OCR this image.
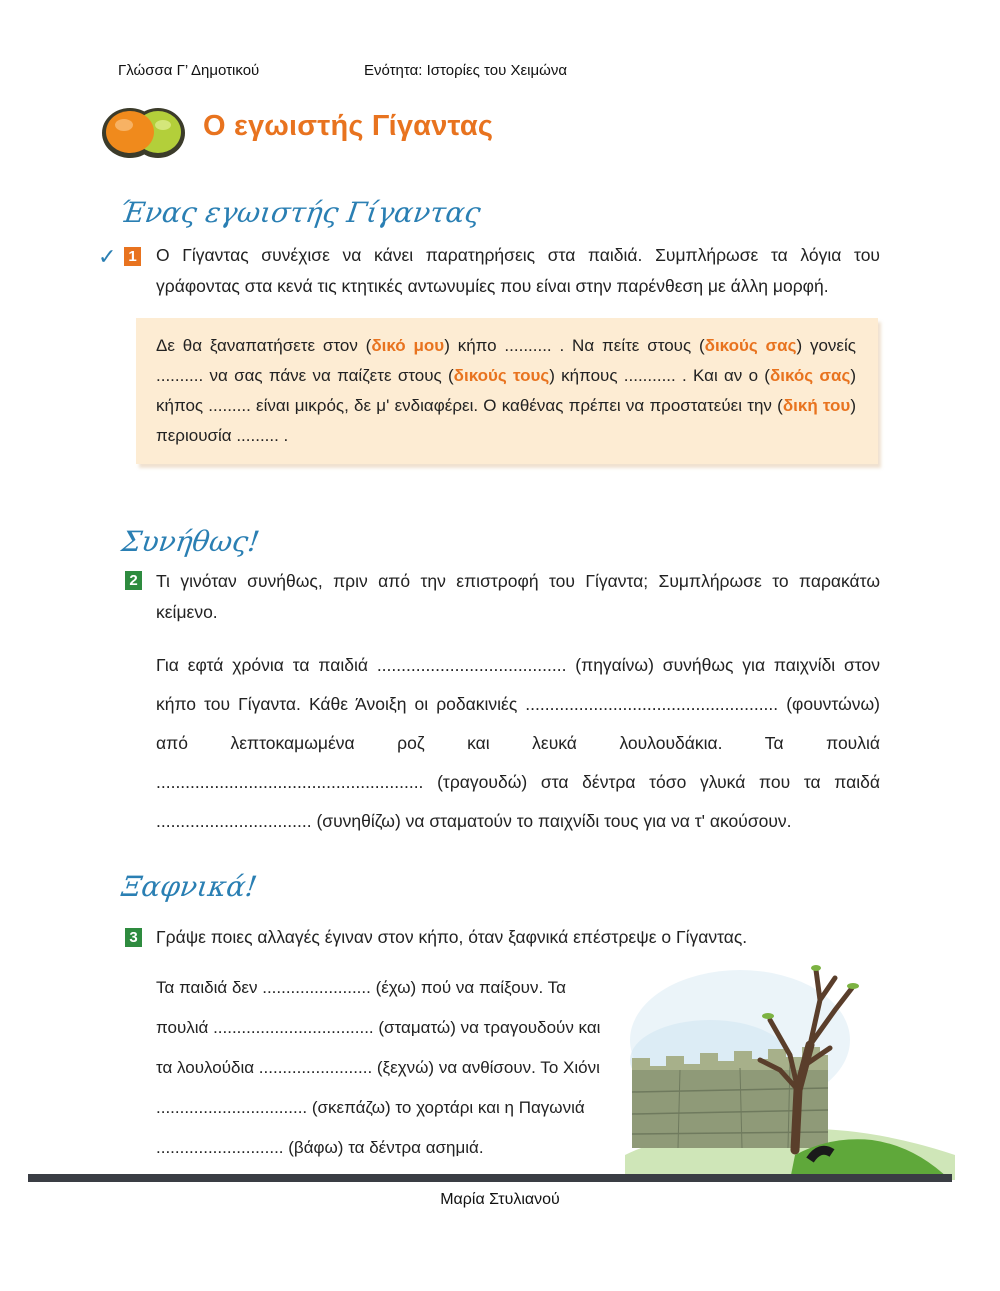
Γλώσσα Γ’ Δημοτικού	Ενότητα: Ιστορίες του Χειμώνα
Ο εγωιστής Γίγαντας
Ένας εγωιστής Γίγαντας
✓ 1 Ο Γίγαντας συνέχισε να κάνει παρατηρήσεις στα παιδιά. Συμπλήρωσε τα λόγια του γράφοντας στα κενά τις κτητικές αντωνυμίες που είναι στην παρένθεση με άλλη μορφή.
Δε θα ξαναπατήσετε στον (δικό μου) κήπο .......... . Να πείτε στους (δικούς σας) γονείς .......... να σας πάνε να παίζετε στους (δικούς τους) κήπους ........... . Και αν ο (δικός σας) κήπος ......... είναι μικρός, δε μ' ενδιαφέρει. Ο καθένας πρέπει να προστατεύει την (δική του) περιουσία ......... .
Συνήθως!
2 Τι γινόταν συνήθως, πριν από την επιστροφή του Γίγαντα; Συμπλήρωσε το παρακάτω κείμενο.
Για εφτά χρόνια τα παιδιά ....................................... (πηγαίνω) συνήθως για παιχνίδι στον κήπο του Γίγαντα. Κάθε Άνοιξη οι ροδακινιές .................................................... (φουντώνω) από λεπτοκαμωμένα ροζ και λευκά λουλουδάκια. Τα πουλιά ....................................................... (τραγουδώ) στα δέντρα τόσο γλυκά που τα παιδά ................................ (συνηθίζω) να σταματούν το παιχνίδι τους για να τ' ακούσουν.
Ξαφνικά!
3 Γράψε ποιες αλλαγές έγιναν στον κήπο, όταν ξαφνικά επέστρεψε ο Γίγαντας.
Τα παιδιά δεν ....................... (έχω) πού να παίξουν. Τα πουλιά .................................. (σταματώ) να τραγουδούν και τα λουλούδια ........................ (ξεχνώ) να ανθίσουν. Το Χιόνι ................................ (σκεπάζω) το χορτάρι και η Παγωνιά ........................... (βάφω) τα δέντρα ασημιά.
Μαρία Στυλιανού
